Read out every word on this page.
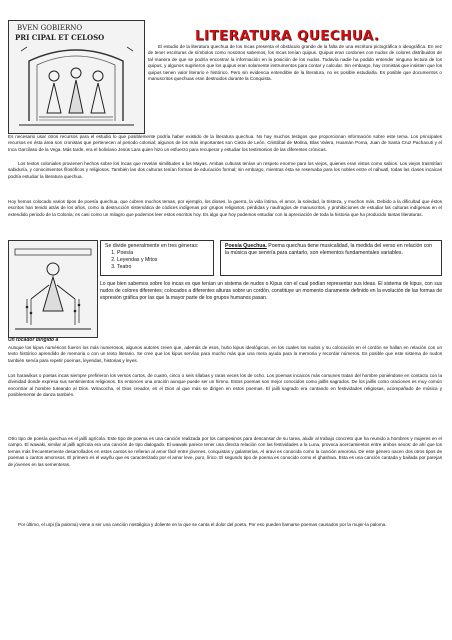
BVEN GOBIERNO
PRI CIPAL ET CELOSO	LITERATURA QUECHUA.

El estudio de la literatura quechua de los Incas presenta el obstáculo grande de la falta de una escritura pictográfica o ideográfica. En vez de tener escrituras de símbolos como nosotros sabemos, los Incas tenían quipus. Quipus eran cordones con nudos de colores distribuidos de tal manera de que se podría encontrar la información en la posición de los nudos. Todavía nadie ha podido entender ninguna lectura de los quipus, y algunos sugirieron que los quipus eran solamente instrumentos para contar y calcular. Sin embargo, hay cronistas que insisten que los quipus tienen valor literario e histórico. Pero sin evidencia entendible de la literatura, no es posible estudiarla. Es posible que documentos o manuscritos quechuas eran destruidos durante la Conquista.

Es necesario usar otros recursos para el estudio lo que posiblemente podría haber existido de la literatura quechua. No hay muchos testigos que proporcionan información sobre este tema. Los principales recursos en ésta área son cronistas que pertenecen al periodo colonial; algunos de los más importantes son Cieza de León, Cristóbal de Molina, Blas Valera, Huamán Poma, Juan de Santa Cruz Pachacuti y el Inca Garcilaso de la Vega. Más tarde, era el boliviano Jesús Lara quien hizo un esfuerzo para recuperar y estudiar los testimonios de las diferentes crónicas.

Los textos coloniales provienen hechos sobre los Incas que revelan similitudes a los Mayas. Ambas culturas tenían un respeto enorme para los viejos, quienes eran vistos como sabios. Los viejos trasmitían sabiduría, y conocimientos filosóficos y religiosos. También las dos culturas tenían formas de educación formal; sin embargo, mientras ésta se reservaba para los nobles entre el náhuatl, todas las clases incaicas podría estudiar la literatura quechua.

Hoy hemos colocado varios tipos de poesía quechua, que cubren muchos temas, por ejemplo, los dioses, la guerra, la vida íntima, el amor, la soledad, la tristeza, y muchos más. Debido a la dificultad que éstos escritos han tenido atrás de los años, como la destrucción sistemática de códices indígenas por grupos religiosos, pérdidas y naufragios de manuscritos, y prohibiciones de estudiar las culturas indígenas en el extendido periodo de la Colonia; es casi como un milagro que podemos leer estos escritos hoy. Es algo que hoy podemos estudiar con la apreciación de toda la historia que ha producido tantas literaturas.

Un tocador dirigido a
Se divide generalmente en tres géneras:
1. Poesía
2. Leyendas y Mitos
3. Teatro
Poesía Quechua. Poema quechua tiene musicalidad, la medida del verso en relación con la música que serviría para cantarlo, son elementos fundamentales variables.

Lo que bien sabemos sobre los incas es que tenían un sistema de nudos o Kipus con el cual podían representar sus ideas. El sistema de kipus, con sus nudos de colores diferentes; colocados a diferentes alturas sobre un cordón, constituye un momento claramente definido en la evolución de las formas de expresión gráfica por las que la mayor parte de los grupos humanos pasan.

Aunque los kipus numéricos fueron los más numerosos, algunos autores creen que, además de esos, hubo kipus ideológicos, en los cuales los nudos y su colocación en el cordón se hallan en relación con un texto histórico aprendido de memoria o con un texto literario. Se cree que los kipus servían para mucho más que una mera ayuda para la memoria y recordar números. Es posible que este sistema de nudos también servía para repetir poemas, leyendas, historias y leyes.

Los harawikus o poetas incas siempre prefirieron los versos cortos, de cuatro, cinco o seis sílabas y raras veces los de ocho. Los poemas incaicos más comunes tratan del hombre poniéndose en contacto con la divinidad donde expresa sus sentimientos religiosos. Es entonces una oración aunque puede ser un himno. Estos poemas son mejor conocidos como jaillis sagrados. De los jaillis como oraciones es muy común encontrar al hombre tuteando al Dios. Wiracocha, el Dios creador, es el Dios al que más se dirigen en estos poemas. El jailli sagrado era cantando en festividades religiosas, acompañado de música y posiblemente de danza también.

Otro tipo de poesía quechua es el jailli agrícola. Este tipo de poema es una canción realizada por los campesinos para descansar de su tarea, aludir al trabajo concreto que ha reunido a hombres y mujeres en el campo. El wawaki, similar al jailli agrícola era una canción de tipo dialogado. El wawaki parece tener una directa relación con las festividades a la Luna, provoca acercamientos entre ambos sexos: de ahí que los temas más frecuentemente desarrollados en estos cantos se refieran al amor fácil entre jóvenes, conquistas y galanterías. Al aravi es conocida como la canción amorosa. De este género nacen dos otros tipos de poemas o cantos amorosos. El primero es el wayñu que es caracterizado por el amor leve, puro, lírico. El segundo tipo de poema es conocido como el qhashwa. Esta es una canción cantada y bailada por parejas de jóvenes en las sementeras.

Por último, el urpi (la paloma) viene a ser una canción nostálgica y doliente en la que se canta el dolor del poeta. Por eso pueden llamarse poemas causados por la mujer-la paloma.
